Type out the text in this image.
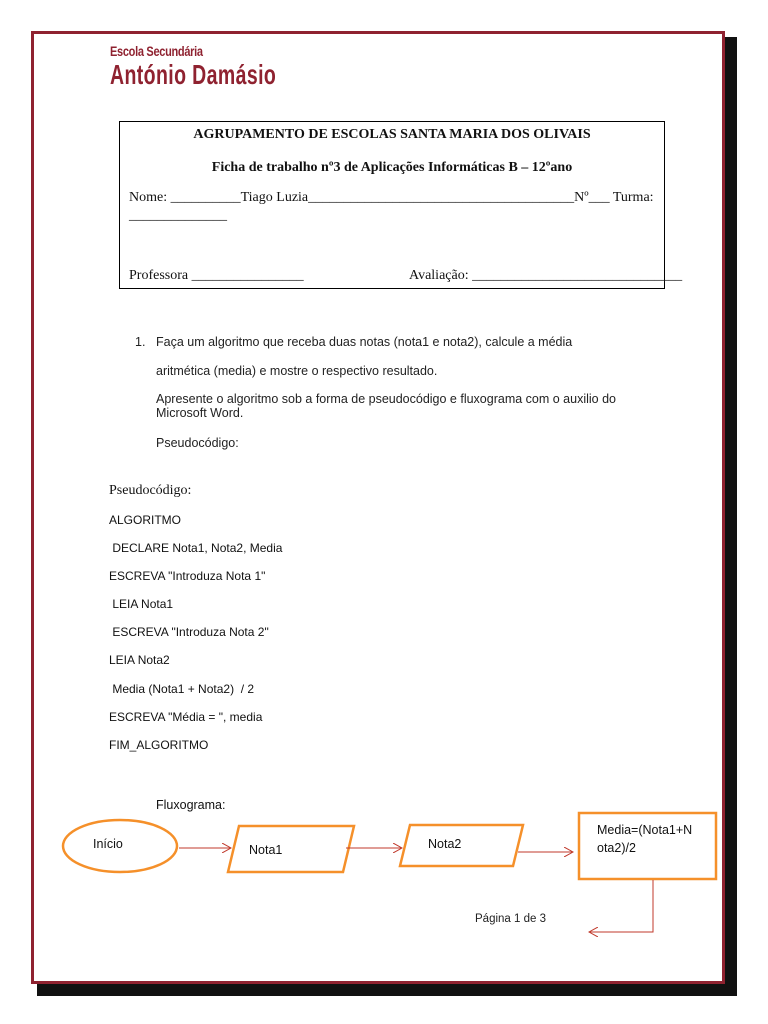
Escola Secundária
António Damásio
AGRUPAMENTO DE ESCOLAS SANTA MARIA DOS OLIVAIS
Ficha de trabalho nº3 de Aplicações Informáticas B – 12ºano
Nome: __________Tiago Luzia______________________________________Nº___ Turma:
______________
Professora ________________	Avaliação: ______________________________
1. Faça um algoritmo que receba duas notas (nota1 e nota2), calcule a média
aritmética (media) e mostre o respectivo resultado.
Apresente o algoritmo sob a forma de pseudocódigo e fluxograma com o auxilio do
Microsoft Word.
Pseudocódigo:
Pseudocódigo:
ALGORITMO
DECLARE Nota1, Nota2, Media
ESCREVA "Introduza Nota 1"
LEIA Nota1
ESCREVA "Introduza Nota 2"
LEIA Nota2
Media (Nota1 + Nota2)  / 2
ESCREVA "Média = ", media
FIM_ALGORITMO
Fluxograma:
Início	Nota1	Nota2
Media=(Nota1+N
ota2)/2
Página 1 de 3
